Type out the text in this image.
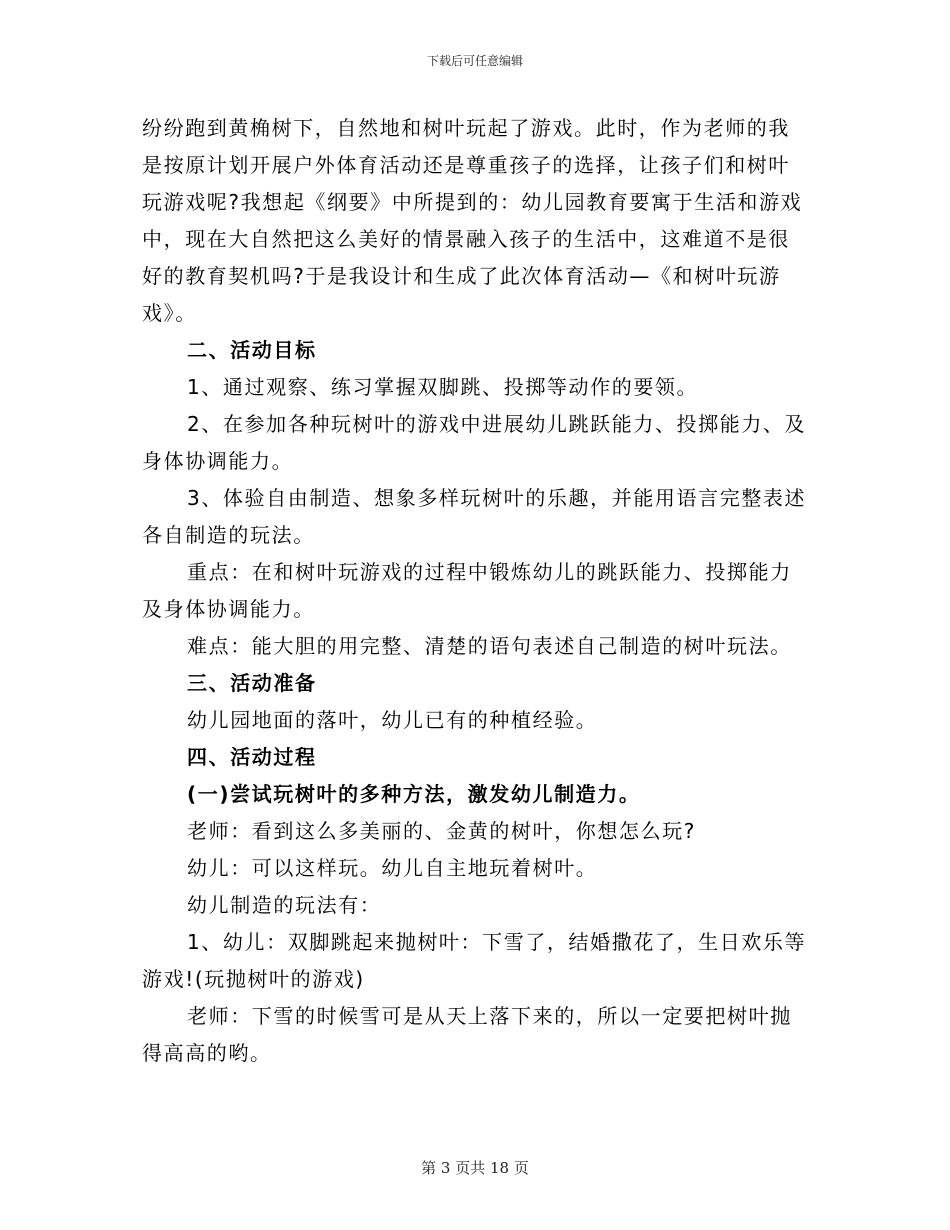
下载后可任意编辑

纷纷跑到黄桷树下，自然地和树叶玩起了游戏。此时，作为老师的我是按原计划开展户外体育活动还是尊重孩子的选择，让孩子们和树叶玩游戏呢?我想起《纲要》中所提到的：幼儿园教育要寓于生活和游戏中，现在大自然把这么美好的情景融入孩子的生活中，这难道不是很好的教育契机吗?于是我设计和生成了此次体育活动—《和树叶玩游戏》。

二、活动目标

1、通过观察、练习掌握双脚跳、投掷等动作的要领。

2、在参加各种玩树叶的游戏中进展幼儿跳跃能力、投掷能力、及身体协调能力。

3、体验自由制造、想象多样玩树叶的乐趣，并能用语言完整表述各自制造的玩法。

重点：在和树叶玩游戏的过程中锻炼幼儿的跳跃能力、投掷能力及身体协调能力。

难点：能大胆的用完整、清楚的语句表述自己制造的树叶玩法。

三、活动准备

幼儿园地面的落叶，幼儿已有的种植经验。

四、活动过程

(一)尝试玩树叶的多种方法，激发幼儿制造力。

老师：看到这么多美丽的、金黄的树叶，你想怎么玩?

幼儿：可以这样玩。幼儿自主地玩着树叶。

幼儿制造的玩法有：

1、幼儿：双脚跳起来抛树叶：下雪了，结婚撒花了，生日欢乐等游戏!(玩抛树叶的游戏)

老师：下雪的时候雪可是从天上落下来的，所以一定要把树叶抛得高高的哟。

第 3 页共 18 页
